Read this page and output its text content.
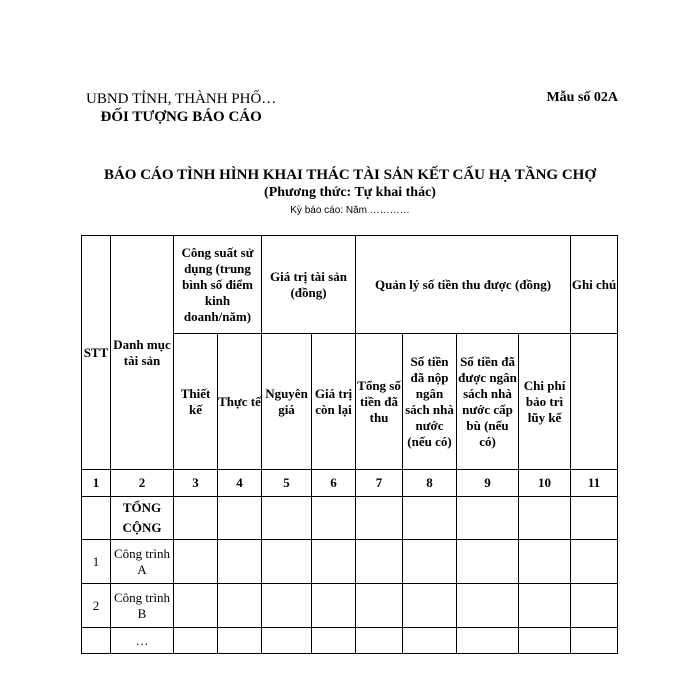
UBND TỈNH, THÀNH PHỐ…
ĐỐI TƯỢNG BÁO CÁO
Mẫu số 02A
BÁO CÁO TÌNH HÌNH KHAI THÁC TÀI SẢN KẾT CẤU HẠ TẦNG CHỢ
(Phương thức: Tự khai thác)
Kỳ báo cáo: Năm …………
STT	Danh mục tài sản	Công suất sử dụng (trung bình số điểm kinh doanh/năm)		Giá trị tài sản (đồng)		Quản lý số tiền thu được (đồng)				Ghi chú
		Thiết kế	Thực tế	Nguyên giá	Giá trị còn lại	Tổng số tiền đã thu	Số tiền đã nộp ngân sách nhà nước (nếu có)	Số tiền đã được ngân sách nhà nước cấp bù (nếu có)	Chi phí bảo trì lũy kế	
1	2	3	4	5	6	7	8	9	10	11
	TỔNG CỘNG									
1	Công trình A									
2	Công trình B									
	…									
